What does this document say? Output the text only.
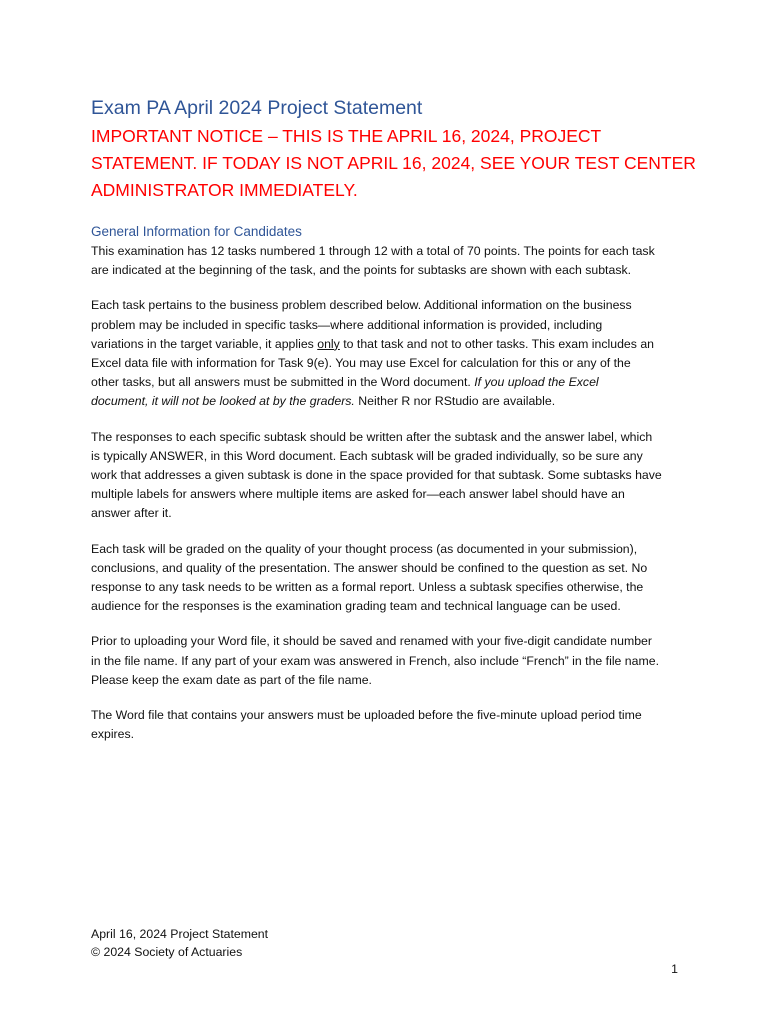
Exam PA April 2024 Project Statement

IMPORTANT NOTICE – THIS IS THE APRIL 16, 2024, PROJECT
STATEMENT. IF TODAY IS NOT APRIL 16, 2024, SEE YOUR TEST CENTER
ADMINISTRATOR IMMEDIATELY.

General Information for Candidates

This examination has 12 tasks numbered 1 through 12 with a total of 70 points. The points for each task
are indicated at the beginning of the task, and the points for subtasks are shown with each subtask.

Each task pertains to the business problem described below. Additional information on the business
problem may be included in specific tasks—where additional information is provided, including
variations in the target variable, it applies only to that task and not to other tasks. This exam includes an
Excel data file with information for Task 9(e). You may use Excel for calculation for this or any of the
other tasks, but all answers must be submitted in the Word document. If you upload the Excel
document, it will not be looked at by the graders. Neither R nor RStudio are available.

The responses to each specific subtask should be written after the subtask and the answer label, which
is typically ANSWER, in this Word document. Each subtask will be graded individually, so be sure any
work that addresses a given subtask is done in the space provided for that subtask. Some subtasks have
multiple labels for answers where multiple items are asked for—each answer label should have an
answer after it.

Each task will be graded on the quality of your thought process (as documented in your submission),
conclusions, and quality of the presentation. The answer should be confined to the question as set. No
response to any task needs to be written as a formal report. Unless a subtask specifies otherwise, the
audience for the responses is the examination grading team and technical language can be used.

Prior to uploading your Word file, it should be saved and renamed with your five-digit candidate number
in the file name. If any part of your exam was answered in French, also include “French” in the file name.
Please keep the exam date as part of the file name.

The Word file that contains your answers must be uploaded before the five-minute upload period time
expires.

April 16, 2024 Project Statement
© 2024 Society of Actuaries
1
